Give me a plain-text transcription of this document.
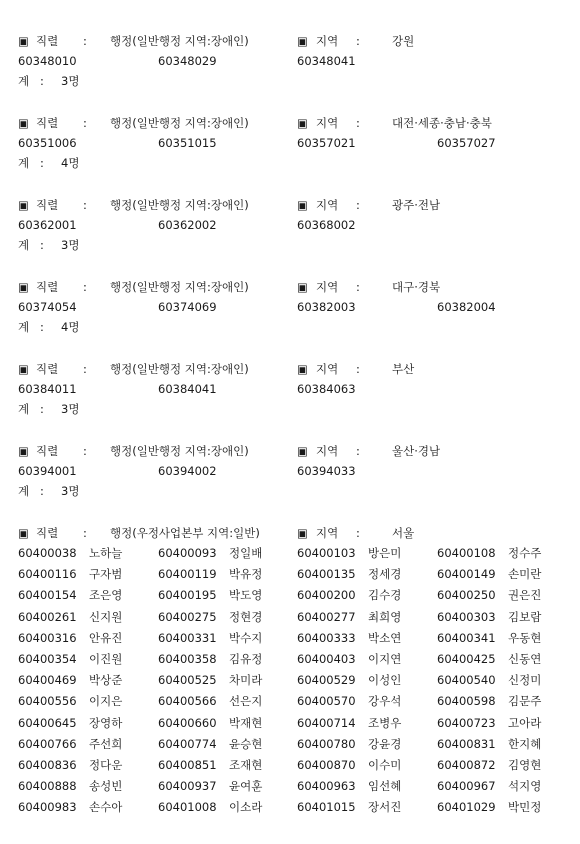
▣ 직렬 : 행정(일반행정 지역:장애인)	▣ 지역 :	강원
60348010	60348029	60348041
계 : 3명
▣ 직렬 : 행정(일반행정 지역:장애인)	▣ 지역 :	대전·세종·충남·충북
60351006	60351015	60357021	60357027
계 : 4명
▣ 직렬 : 행정(일반행정 지역:장애인)	▣ 지역 :	광주·전남
60362001	60362002	60368002
계 : 3명
▣ 직렬 : 행정(일반행정 지역:장애인)	▣ 지역 :	대구·경북
60374054	60374069	60382003	60382004
계 : 4명
▣ 직렬 : 행정(일반행정 지역:장애인)	▣ 지역 :	부산
60384011	60384041	60384063
계 : 3명
▣ 직렬 : 행정(일반행정 지역:장애인)	▣ 지역 :	울산·경남
60394001	60394002	60394033
계 : 3명
▣ 직렬 : 행정(우정사업본부 지역:일반)	▣ 지역 :	서울
60400038 노하늘	60400093 정일배	60400103 방은미	60400108 정수주
60400116 구자범	60400119 박유정	60400135 정세경	60400149 손미란
60400154 조은영	60400195 박도영	60400200 김수경	60400250 권은진
60400261 신지원	60400275 정현경	60400277 최희영	60400303 김보람
60400316 안유진	60400331 박수지	60400333 박소연	60400341 우동현
60400354 이진원	60400358 김유정	60400403 이지연	60400425 신동연
60400469 박상준	60400525 차미라	60400529 이성인	60400540 신정미
60400556 이지은	60400566 선은지	60400570 강우석	60400598 김문주
60400645 장영하	60400660 박재현	60400714 조병우	60400723 고아라
60400766 주선희	60400774 윤승현	60400780 강윤경	60400831 한지혜
60400836 정다운	60400851 조재현	60400870 이수미	60400872 김영현
60400888 송성빈	60400937 윤여훈	60400963 임선혜	60400967 석지영
60400983 손수아	60401008 이소라	60401015 장서진	60401029 박민정
